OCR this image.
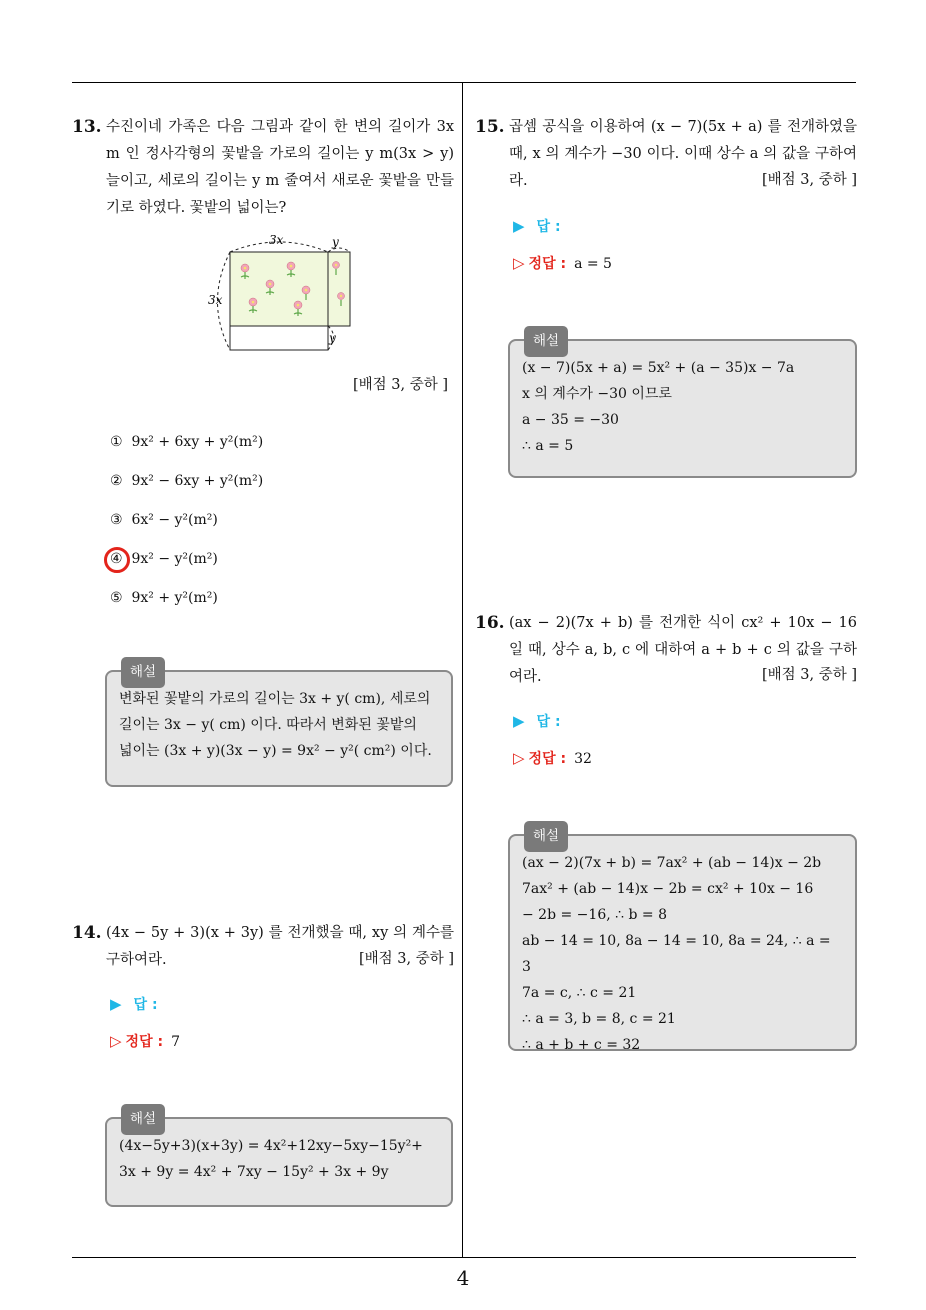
4
13. 수진이네 가족은 다음 그림과 같이 한 변의 길이가 3x m 인 정사각형의 꽃밭을 가로의 길이는 y m(3x > y) 늘이고, 세로의 길이는 y m 줄여서 새로운 꽃밭을 만들기로 하였다. 꽃밭의 넓이는?
3x
3x
y
y
[배점 3, 중하 ]
① 9x² + 6xy + y²(m²)
② 9x² − 6xy + y²(m²)
③ 6x² − y²(m²)
④ 9x² − y²(m²)
⑤ 9x² + y²(m²)
해설
변화된 꽃밭의 가로의 길이는 3x + y( cm), 세로의
길이는 3x − y( cm) 이다. 따라서 변화된 꽃밭의
넓이는 (3x + y)(3x − y) = 9x² − y²( cm²) 이다.
14. (4x − 5y + 3)(x + 3y) 를 전개했을 때, xy 의 계수를 구하여라.	[배점 3, 중하 ]
▶ 답 :
▷ 정답 : 7
해설
(4x−5y+3)(x+3y) = 4x²+12xy−5xy−15y²+
3x + 9y = 4x² + 7xy − 15y² + 3x + 9y
15. 곱셈 공식을 이용하여 (x − 7)(5x + a) 를 전개하였을 때, x 의 계수가 −30 이다. 이때 상수 a 의 값을 구하여라.	[배점 3, 중하 ]
▶ 답 :
▷ 정답 : a = 5
해설
(x − 7)(5x + a) = 5x² + (a − 35)x − 7a
x 의 계수가 −30 이므로
a − 35 = −30
∴ a = 5
16. (ax − 2)(7x + b) 를 전개한 식이 cx² + 10x − 16 일 때, 상수 a, b, c 에 대하여 a + b + c 의 값을 구하여라.	[배점 3, 중하 ]
▶ 답 :
▷ 정답 : 32
해설
(ax − 2)(7x + b) = 7ax² + (ab − 14)x − 2b
7ax² + (ab − 14)x − 2b = cx² + 10x − 16
− 2b = −16, ∴ b = 8
ab − 14 = 10, 8a − 14 = 10, 8a = 24, ∴ a = 3
7a = c, ∴ c = 21
∴ a = 3, b = 8, c = 21
∴ a + b + c = 32
